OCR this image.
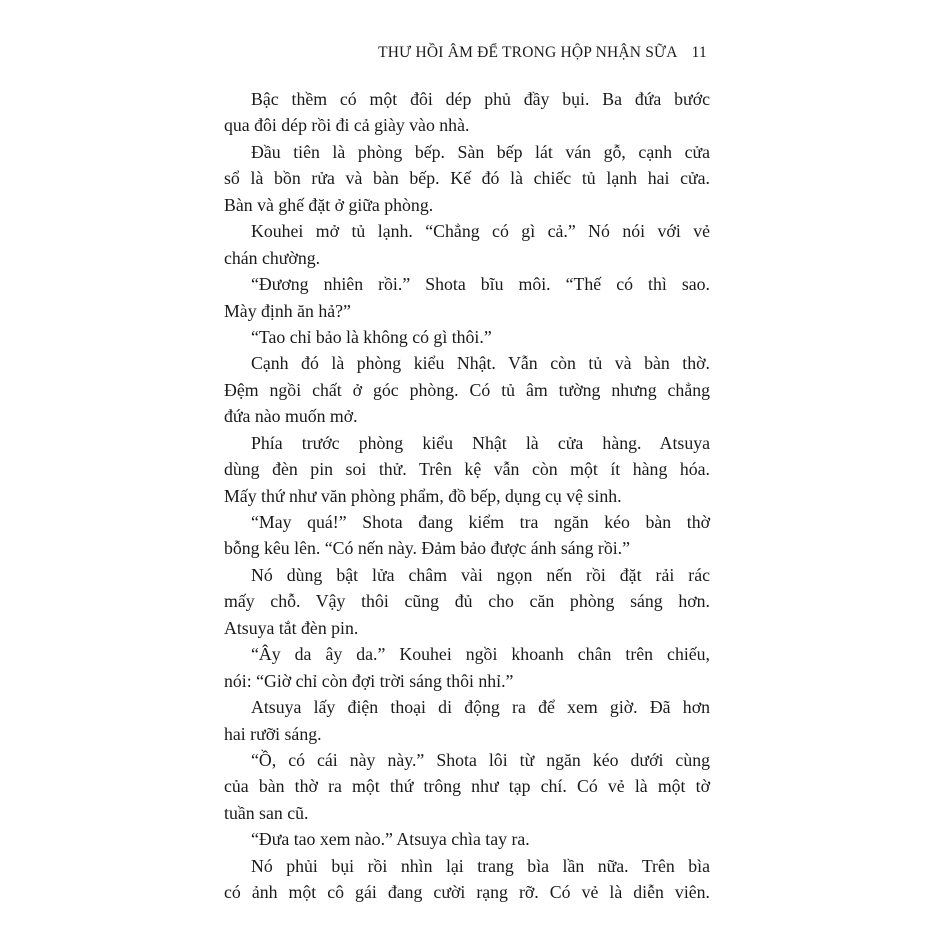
THƯ HỒI ÂM ĐỂ TRONG HỘP NHẬN SỮA 11
Bậc thềm có một đôi dép phủ đầy bụi. Ba đứa bước
qua đôi dép rồi đi cả giày vào nhà.
Đầu tiên là phòng bếp. Sàn bếp lát ván gỗ, cạnh cửa
sổ là bồn rửa và bàn bếp. Kế đó là chiếc tủ lạnh hai cửa.
Bàn và ghế đặt ở giữa phòng.
Kouhei mở tủ lạnh. “Chẳng có gì cả.” Nó nói với vẻ
chán chường.
“Đương nhiên rồi.” Shota bĩu môi. “Thế có thì sao.
Mày định ăn hả?”
“Tao chỉ bảo là không có gì thôi.”
Cạnh đó là phòng kiểu Nhật. Vẫn còn tủ và bàn thờ.
Đệm ngồi chất ở góc phòng. Có tủ âm tường nhưng chẳng
đứa nào muốn mở.
Phía trước phòng kiểu Nhật là cửa hàng. Atsuya
dùng đèn pin soi thử. Trên kệ vẫn còn một ít hàng hóa.
Mấy thứ như văn phòng phẩm, đồ bếp, dụng cụ vệ sinh.
“May quá!” Shota đang kiểm tra ngăn kéo bàn thờ
bỗng kêu lên. “Có nến này. Đảm bảo được ánh sáng rồi.”
Nó dùng bật lửa châm vài ngọn nến rồi đặt rải rác
mấy chỗ. Vậy thôi cũng đủ cho căn phòng sáng hơn.
Atsuya tắt đèn pin.
“Ây da ây da.” Kouhei ngồi khoanh chân trên chiếu,
nói: “Giờ chỉ còn đợi trời sáng thôi nhỉ.”
Atsuya lấy điện thoại di động ra để xem giờ. Đã hơn
hai rưỡi sáng.
“Ồ, có cái này này.” Shota lôi từ ngăn kéo dưới cùng
của bàn thờ ra một thứ trông như tạp chí. Có vẻ là một tờ
tuần san cũ.
“Đưa tao xem nào.” Atsuya chìa tay ra.
Nó phủi bụi rồi nhìn lại trang bìa lần nữa. Trên bìa
có ảnh một cô gái đang cười rạng rỡ. Có vẻ là diễn viên.
